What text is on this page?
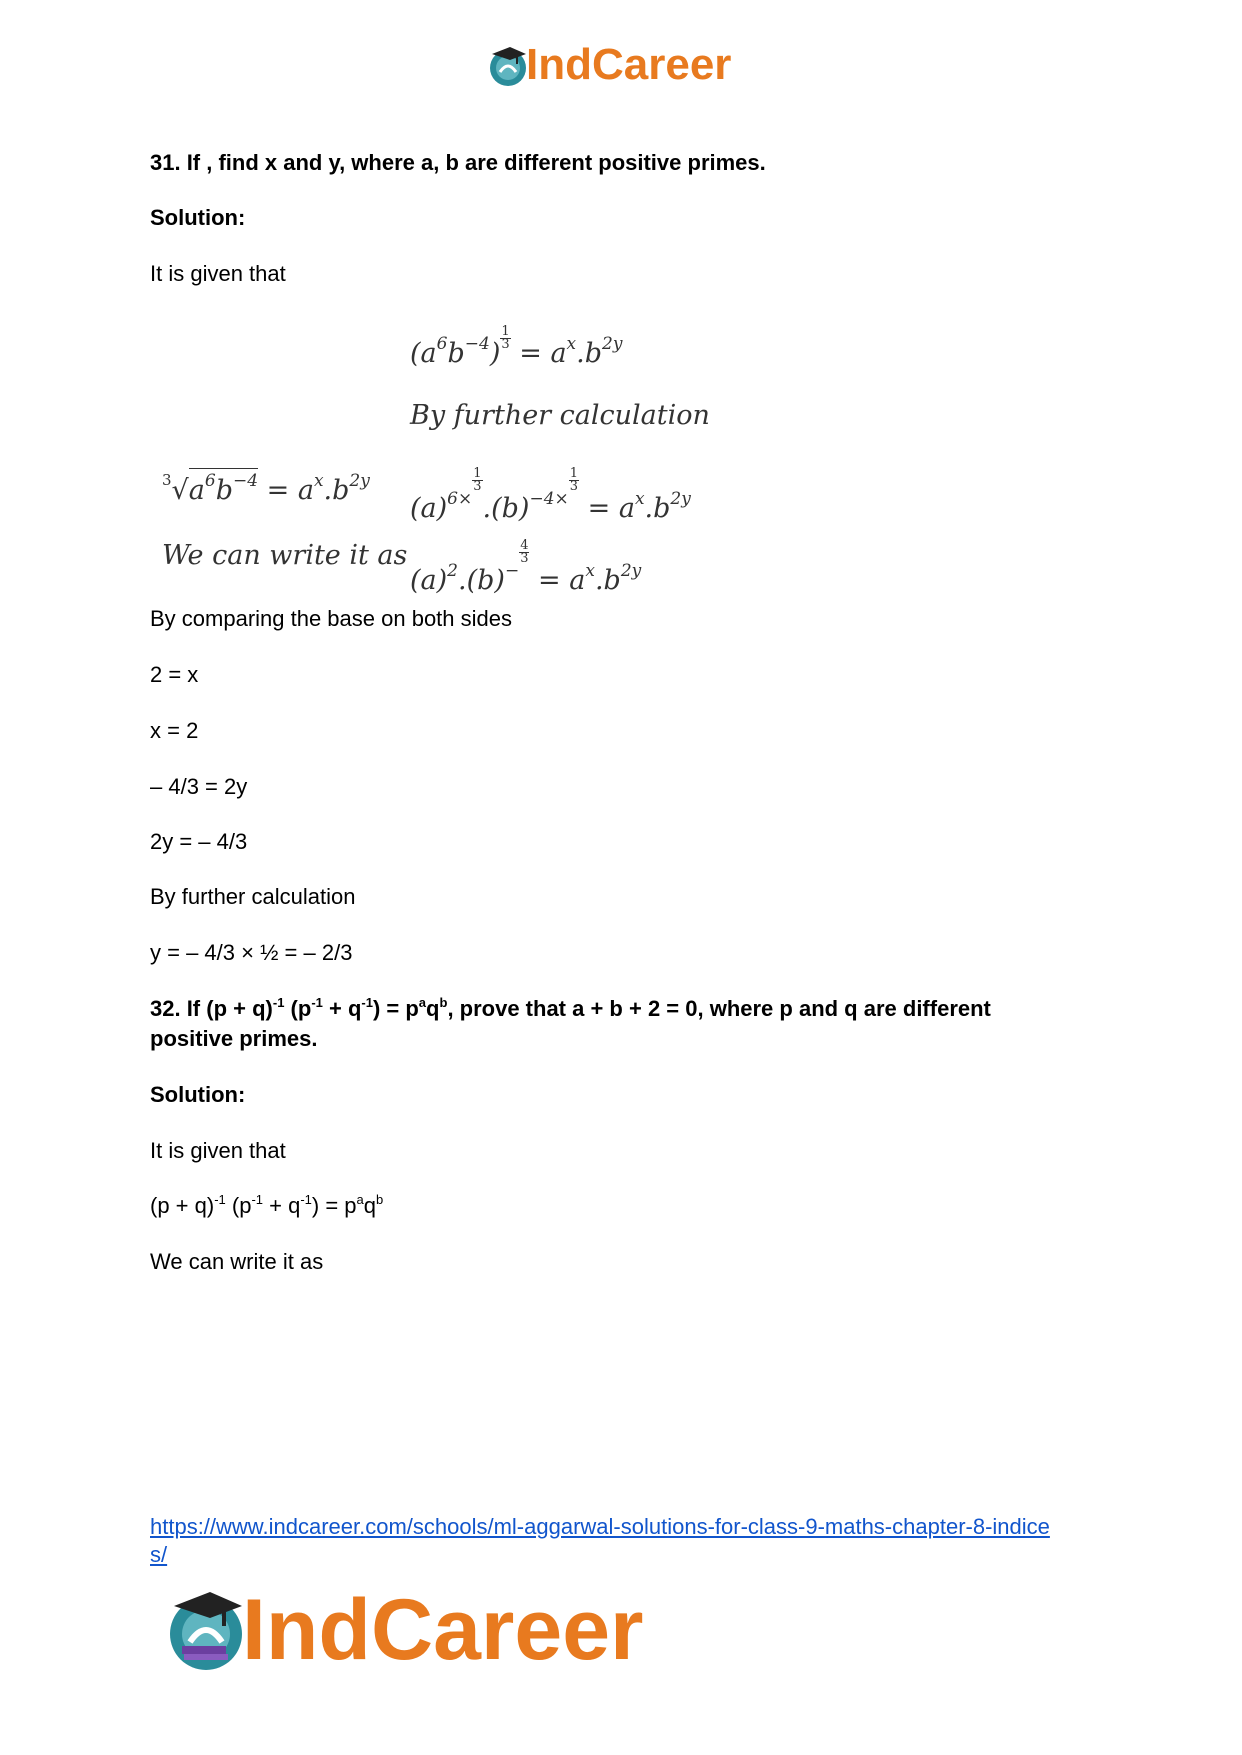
IndCareer
31. If , find x and y, where a, b are different positive primes.
Solution:
It is given that
$(a6b-4) \frac{1}{3} = ax.b2y$
By further calculation
$^3$√a6b−4 = ax.b2y
(a)6×
$\frac{1}{3}$
.(b)−4×
$\frac{1}{3}$
= ax.b2y
We can write it as
(a)2.(b)−
$\frac{4}{3}$
= ax.b2y
By comparing the base on both sides
2 = x
x = 2
– 4/3 = 2y
2y = – 4/3
By further calculation
y = – 4/3 × ½ = – 2/3
32. If $(p + q)^{-1}$ $(p^{-1} + q^{-1}) = p^aq^b$, prove that a + b + 2 = 0, where p and q are different
positive primes.
Solution:
It is given that
$(p + q)^{-1}$ $(p^{-1} + q^{-1}) = p^aq^b$
We can write it as
https://www.indcareer.com/schools/ml-aggarwal-solutions-for-class-9-maths-chapter-8-indice
s/
IndCareer
